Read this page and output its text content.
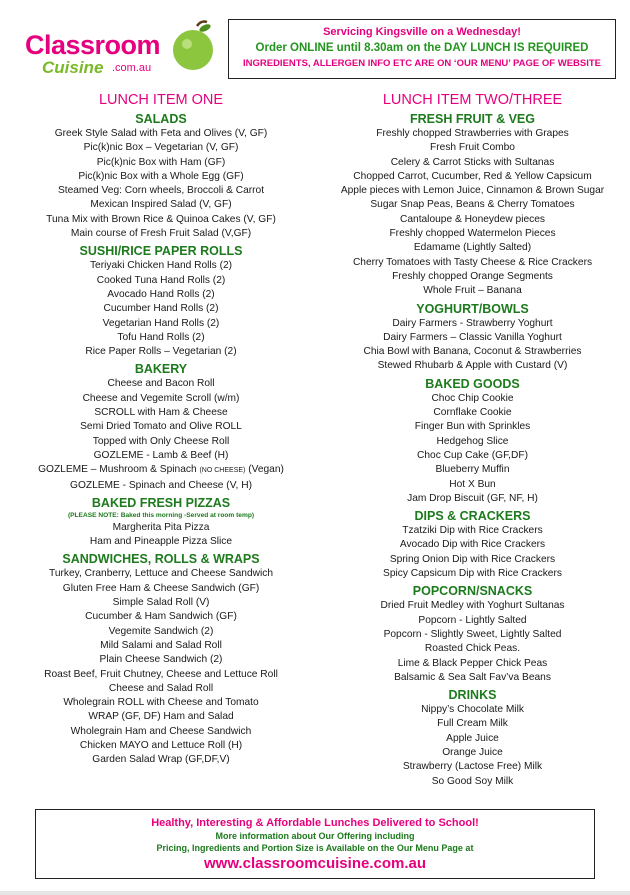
Classroom
Cuisine .com.au
Servicing Kingsville on a Wednesday!
Order ONLINE until 8.30am on the DAY LUNCH IS REQUIRED
INGREDIENTS, ALLERGEN INFO ETC ARE ON ‘OUR MENU’ PAGE OF WEBSITE
LUNCH ITEM ONE
SALADS
Greek Style Salad with Feta and Olives (V, GF)
Pic(k)nic Box – Vegetarian (V, GF)
Pic(k)nic Box with Ham (GF)
Pic(k)nic Box with a Whole Egg (GF)
Steamed Veg: Corn wheels, Broccoli & Carrot
Mexican Inspired Salad (V, GF)
Tuna Mix with Brown Rice & Quinoa Cakes (V, GF)
Main course of Fresh Fruit Salad (V,GF)
SUSHI/RICE PAPER ROLLS
Teriyaki Chicken Hand Rolls (2)
Cooked Tuna Hand Rolls (2)
Avocado Hand Rolls (2)
Cucumber Hand Rolls (2)
Vegetarian Hand Rolls (2)
Tofu Hand Rolls (2)
Rice Paper Rolls – Vegetarian (2)
BAKERY
Cheese and Bacon Roll
Cheese and Vegemite Scroll (w/m)
SCROLL with Ham & Cheese
Semi Dried Tomato and Olive ROLL
Topped with Only Cheese Roll
GOZLEME - Lamb & Beef (H)
GOZLEME – Mushroom & Spinach (NO CHEESE) (Vegan)
GOZLEME - Spinach and Cheese (V, H)
BAKED FRESH PIZZAS
(PLEASE NOTE: Baked this morning -Served at room temp)
Margherita Pita Pizza
Ham and Pineapple Pizza Slice
SANDWICHES, ROLLS & WRAPS
Turkey, Cranberry, Lettuce and Cheese Sandwich
Gluten Free Ham & Cheese Sandwich (GF)
Simple Salad Roll (V)
Cucumber & Ham Sandwich (GF)
Vegemite Sandwich (2)
Mild Salami and Salad Roll
Plain Cheese Sandwich (2)
Roast Beef, Fruit Chutney, Cheese and Lettuce Roll
Cheese and Salad Roll
Wholegrain ROLL with Cheese and Tomato
WRAP (GF, DF) Ham and Salad
Wholegrain Ham and Cheese Sandwich
Chicken MAYO and Lettuce Roll (H)
Garden Salad Wrap (GF,DF,V)
LUNCH ITEM TWO/THREE
FRESH FRUIT & VEG
Freshly chopped Strawberries with Grapes
Fresh Fruit Combo
Celery & Carrot Sticks with Sultanas
Chopped Carrot, Cucumber, Red & Yellow Capsicum
Apple pieces with Lemon Juice, Cinnamon & Brown Sugar
Sugar Snap Peas, Beans & Cherry Tomatoes
Cantaloupe & Honeydew pieces
Freshly chopped Watermelon Pieces
Edamame (Lightly Salted)
Cherry Tomatoes with Tasty Cheese & Rice Crackers
Freshly chopped Orange Segments
Whole Fruit – Banana
YOGHURT/BOWLS
Dairy Farmers - Strawberry Yoghurt
Dairy Farmers – Classic Vanilla Yoghurt
Chia Bowl with Banana, Coconut & Strawberries
Stewed Rhubarb & Apple with Custard (V)
BAKED GOODS
Choc Chip Cookie
Cornflake Cookie
Finger Bun with Sprinkles
Hedgehog Slice
Choc Cup Cake (GF,DF)
Blueberry Muffin
Hot X Bun
Jam Drop Biscuit (GF, NF, H)
DIPS & CRACKERS
Tzatziki Dip with Rice Crackers
Avocado Dip with Rice Crackers
Spring Onion Dip with Rice Crackers
Spicy Capsicum Dip with Rice Crackers
POPCORN/SNACKS
Dried Fruit Medley with Yoghurt Sultanas
Popcorn - Lightly Salted
Popcorn - Slightly Sweet, Lightly Salted
Roasted Chick Peas.
Lime & Black Pepper Chick Peas
Balsamic & Sea Salt Fav’va Beans
DRINKS
Nippy’s Chocolate Milk
Full Cream Milk
Apple Juice
Orange Juice
Strawberry (Lactose Free) Milk
So Good Soy Milk
Healthy, Interesting & Affordable Lunches Delivered to School!
More information about Our Offering including
Pricing, Ingredients and Portion Size is Available on the Our Menu Page at
www.classroomcuisine.com.au
